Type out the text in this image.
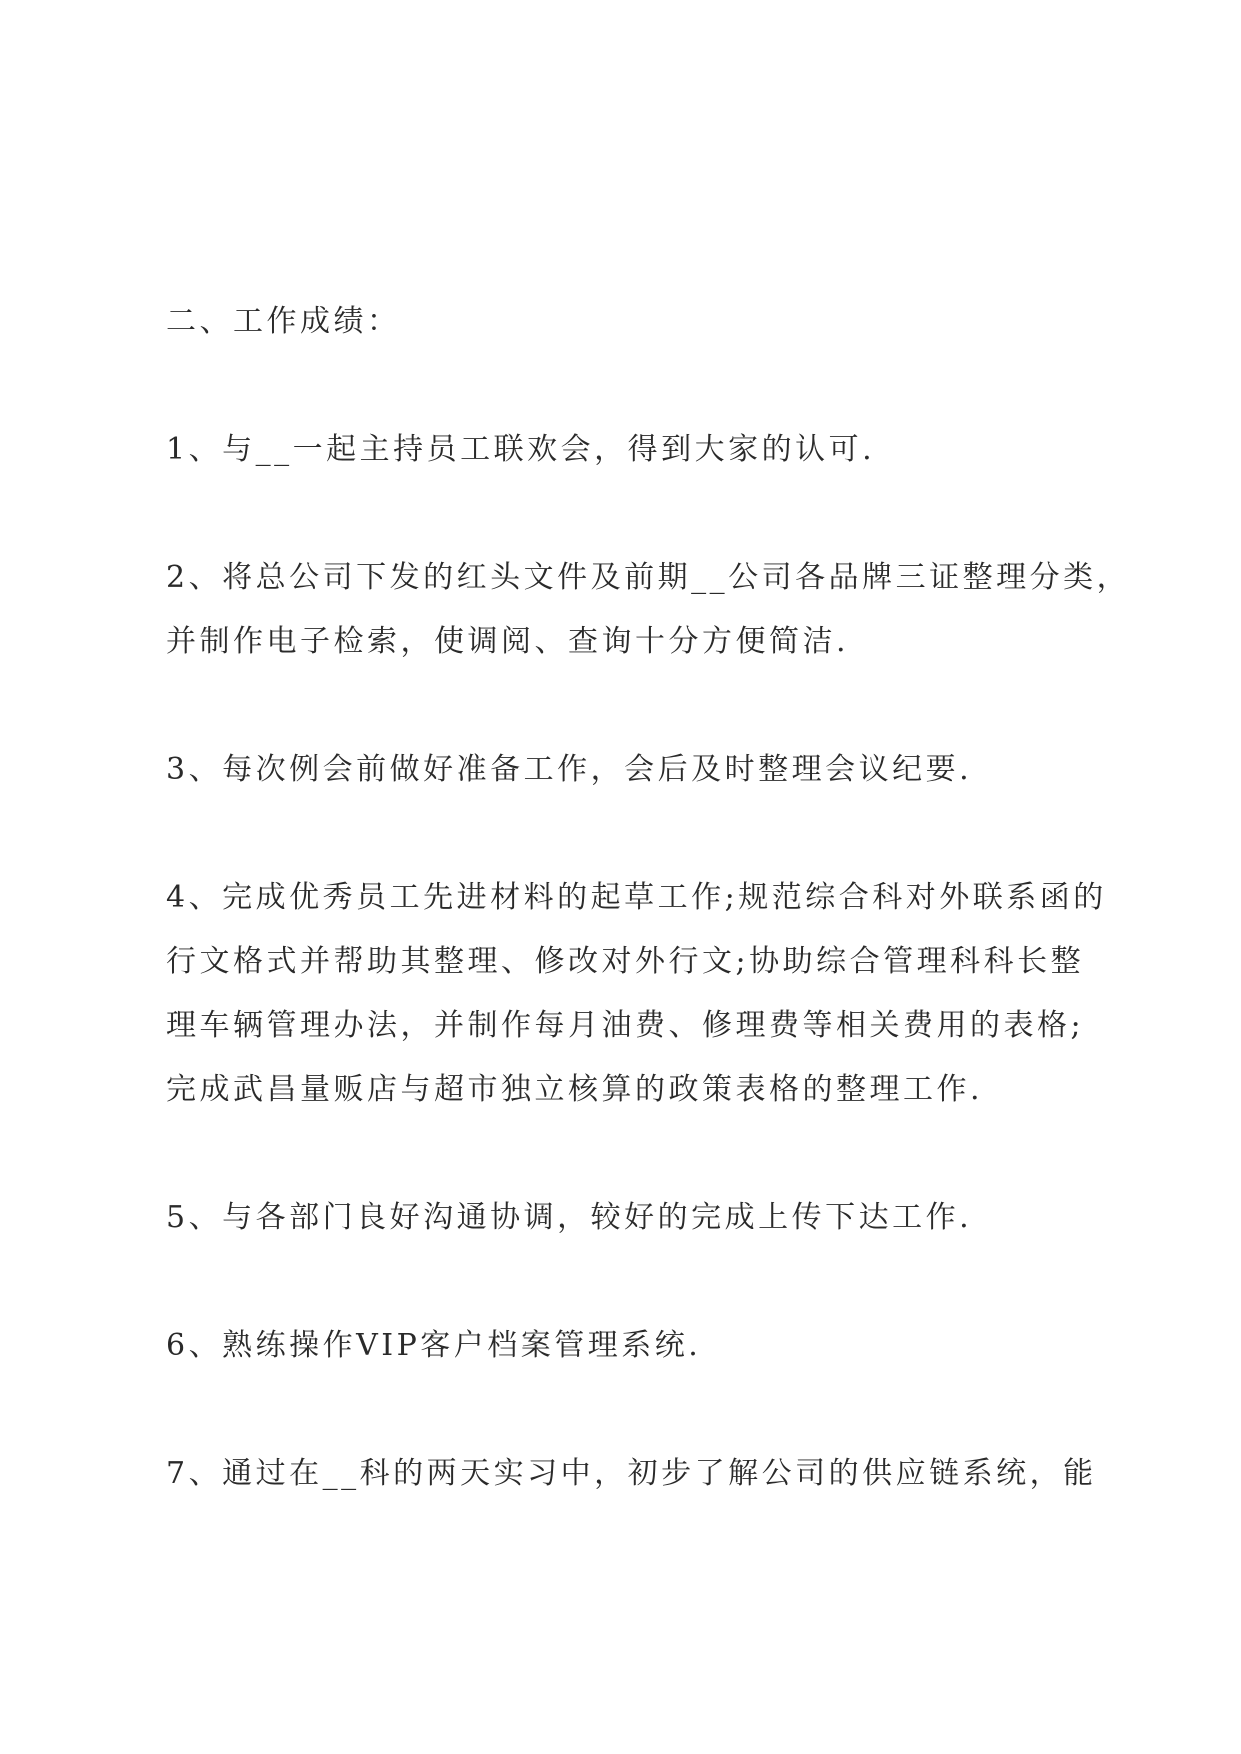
二、工作成绩：

1、与__一起主持员工联欢会，得到大家的认可.

2、将总公司下发的红头文件及前期__公司各品牌三证整理分类，

并制作电子检索，使调阅、查询十分方便简洁.

3、每次例会前做好准备工作，会后及时整理会议纪要.

4、完成优秀员工先进材料的起草工作;规范综合科对外联系函的

行文格式并帮助其整理、修改对外行文;协助综合管理科科长整

理车辆管理办法，并制作每月油费、修理费等相关费用的表格;

完成武昌量贩店与超市独立核算的政策表格的整理工作.

5、与各部门良好沟通协调，较好的完成上传下达工作.

6、熟练操作VIP客户档案管理系统.

7、通过在__科的两天实习中，初步了解公司的供应链系统，能
